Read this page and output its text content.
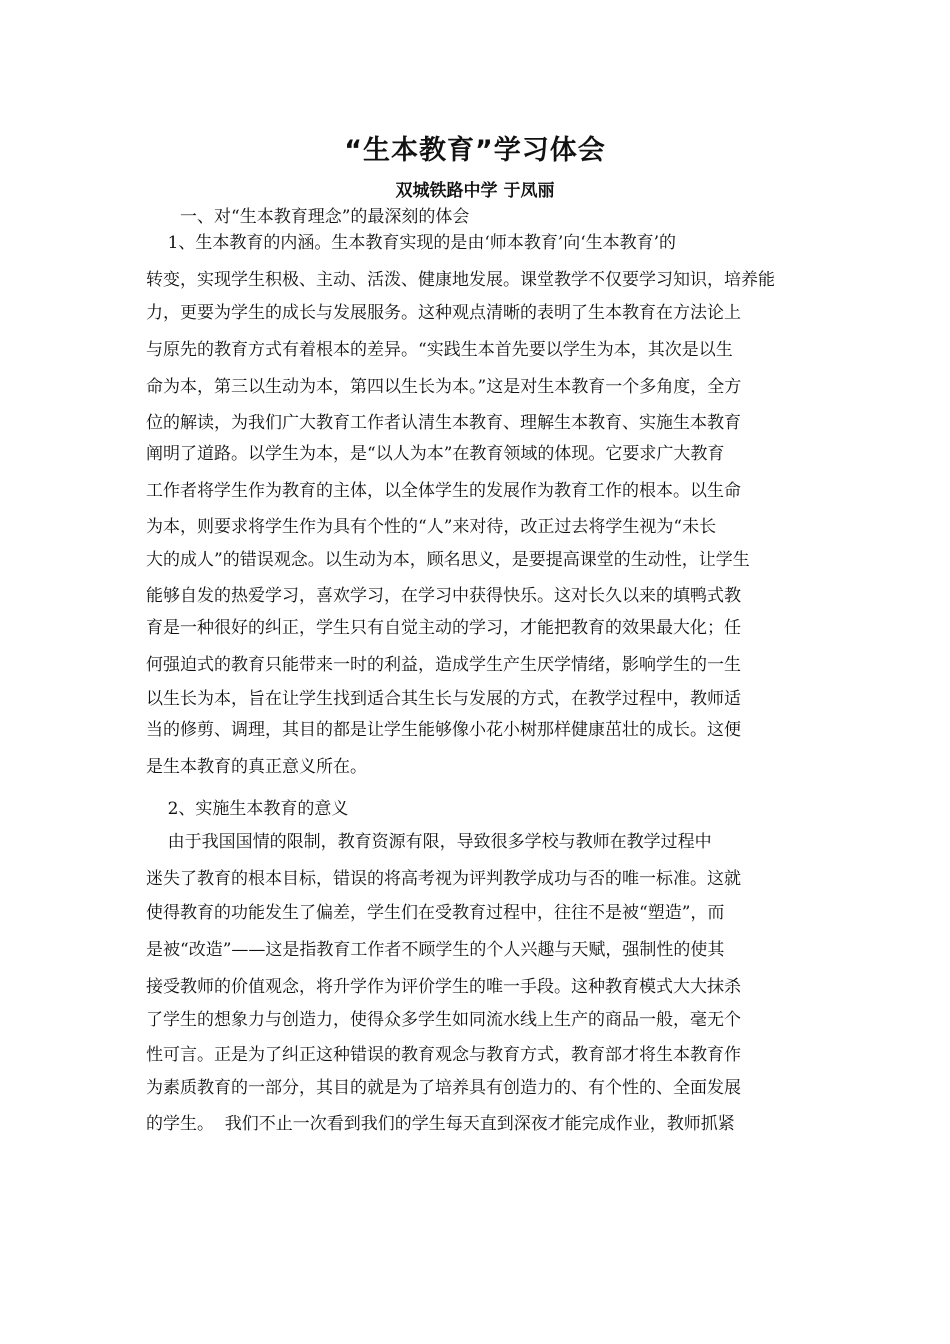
“生本教育”学习体会

双城铁路中学 于凤丽

一、对“生本教育理念”的最深刻的体会

1、生本教育的内涵。生本教育实现的是由‘师本教育’向‘生本教育’的

转变，实现学生积极、主动、活泼、健康地发展。课堂教学不仅要学习知识，培养能

力，更要为学生的成长与发展服务。这种观点清晰的表明了生本教育在方法论上

与原先的教育方式有着根本的差异。“实践生本首先要以学生为本，其次是以生

命为本，第三以生动为本，第四以生长为本。”这是对生本教育一个多角度，全方

位的解读，为我们广大教育工作者认清生本教育、理解生本教育、实施生本教育

阐明了道路。以学生为本，是“以人为本”在教育领域的体现。它要求广大教育

工作者将学生作为教育的主体，以全体学生的发展作为教育工作的根本。以生命

为本，则要求将学生作为具有个性的“人”来对待，改正过去将学生视为“未长

大的成人”的错误观念。以生动为本，顾名思义，是要提高课堂的生动性，让学生

能够自发的热爱学习，喜欢学习，在学习中获得快乐。这对长久以来的填鸭式教

育是一种很好的纠正，学生只有自觉主动的学习，才能把教育的效果最大化；任

何强迫式的教育只能带来一时的利益，造成学生产生厌学情绪，影响学生的一生

以生长为本，旨在让学生找到适合其生长与发展的方式，在教学过程中，教师适

当的修剪、调理，其目的都是让学生能够像小花小树那样健康茁壮的成长。这便

是生本教育的真正意义所在。

2、实施生本教育的意义

由于我国国情的限制，教育资源有限，导致很多学校与教师在教学过程中

迷失了教育的根本目标，错误的将高考视为评判教学成功与否的唯一标准。这就

使得教育的功能发生了偏差，学生们在受教育过程中，往往不是被“塑造”，而

是被“改造”——这是指教育工作者不顾学生的个人兴趣与天赋，强制性的使其

接受教师的价值观念，将升学作为评价学生的唯一手段。这种教育模式大大抹杀

了学生的想象力与创造力，使得众多学生如同流水线上生产的商品一般，毫无个

性可言。正是为了纠正这种错误的教育观念与教育方式，教育部才将生本教育作

为素质教育的一部分，其目的就是为了培养具有创造力的、有个性的、全面发展

的学生。  我们不止一次看到我们的学生每天直到深夜才能完成作业，教师抓紧
